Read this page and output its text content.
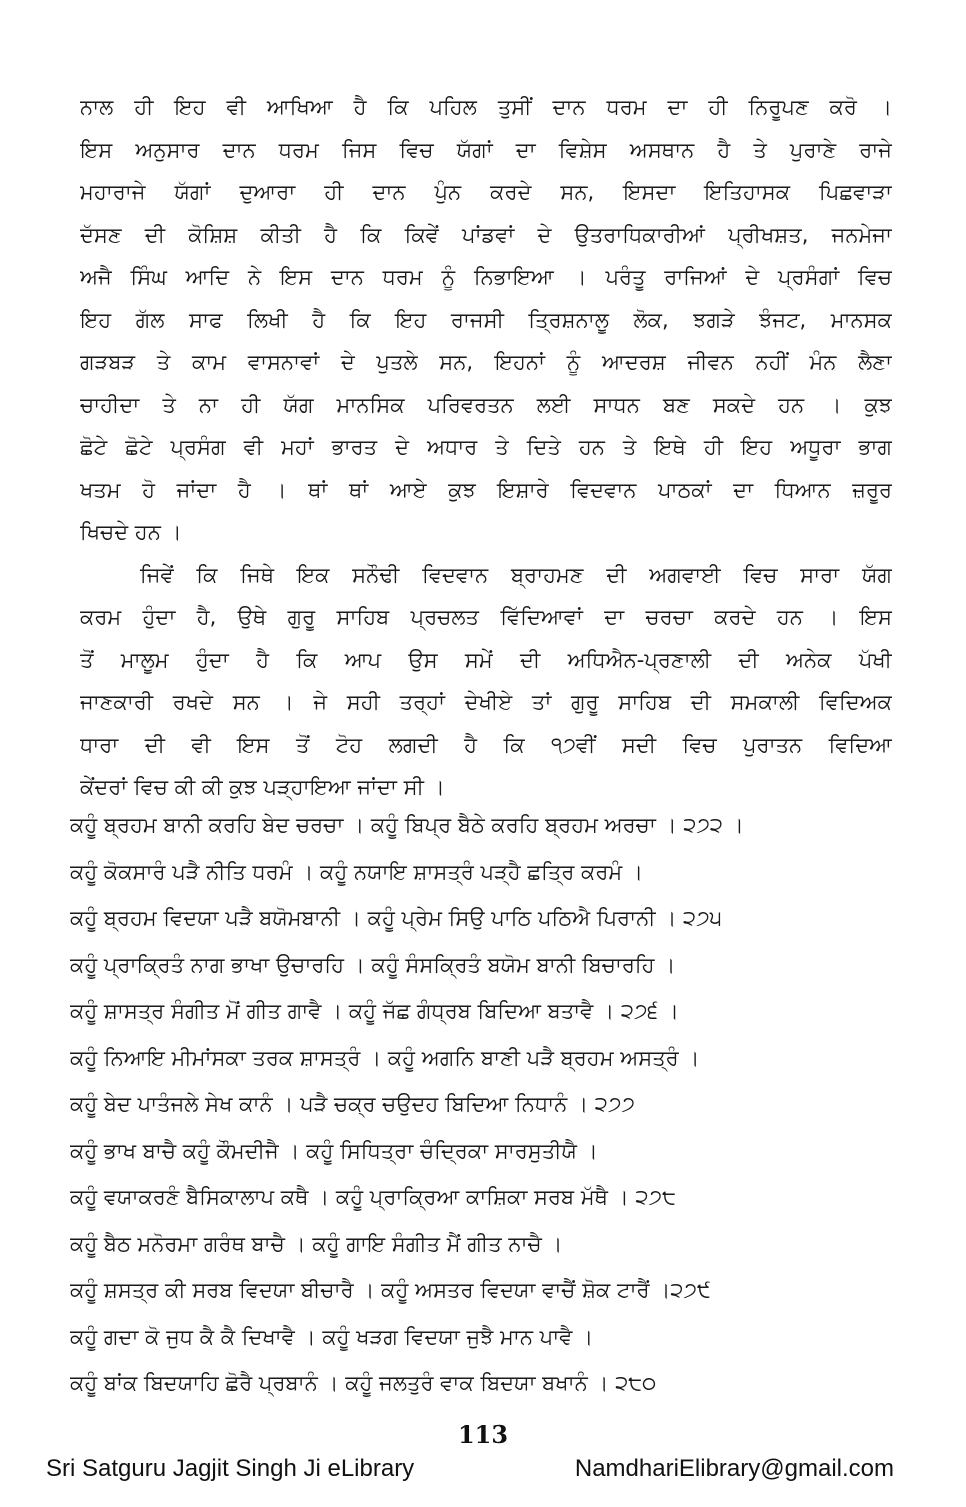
ਨਾਲ ਹੀ ਇਹ ਵੀ ਆਖਿਆ ਹੈ ਕਿ ਪਹਿਲ ਤੁਸੀਂ ਦਾਨ ਧਰਮ ਦਾ ਹੀ ਨਿਰੂਪਣ ਕਰੋ ।
ਇਸ ਅਨੁਸਾਰ ਦਾਨ ਧਰਮ ਜਿਸ ਵਿਚ ਯੱਗਾਂ ਦਾ ਵਿਸ਼ੇਸ ਅਸਥਾਨ ਹੈ ਤੇ ਪੁਰਾਣੇ ਰਾਜੇ
ਮਹਾਰਾਜੇ ਯੱਗਾਂ ਦੁਆਰਾ ਹੀ ਦਾਨ ਪੁੰਨ ਕਰਦੇ ਸਨ, ਇਸਦਾ ਇਤਿਹਾਸਕ ਪਿਛਵਾੜਾ
ਦੱਸਣ ਦੀ ਕੋਸ਼ਿਸ਼ ਕੀਤੀ ਹੈ ਕਿ ਕਿਵੇਂ ਪਾਂਡਵਾਂ ਦੇ ਉਤਰਾਧਿਕਾਰੀਆਂ ਪ੍ਰੀਖਸ਼ਤ, ਜਨਮੇਜਾ
ਅਜੈ ਸਿੰਘ ਆਦਿ ਨੇ ਇਸ ਦਾਨ ਧਰਮ ਨੂੰ ਨਿਭਾਇਆ । ਪਰੰਤੂ ਰਾਜਿਆਂ ਦੇ ਪ੍ਰਸੰਗਾਂ ਵਿਚ
ਇਹ ਗੱਲ ਸਾਫ ਲਿਖੀ ਹੈ ਕਿ ਇਹ ਰਾਜਸੀ ਤ੍ਰਿਸ਼ਨਾਲੂ ਲੋਕ, ਝਗੜੇ ਝੰਜਟ, ਮਾਨਸਕ
ਗੜਬੜ ਤੇ ਕਾਮ ਵਾਸਨਾਵਾਂ ਦੇ ਪੁਤਲੇ ਸਨ, ਇਹਨਾਂ ਨੂੰ ਆਦਰਸ਼ ਜੀਵਨ ਨਹੀਂ ਮੰਨ ਲੈਣਾ
ਚਾਹੀਦਾ ਤੇ ਨਾ ਹੀ ਯੱਗ ਮਾਨਸਿਕ ਪਰਿਵਰਤਨ ਲਈ ਸਾਧਨ ਬਣ ਸਕਦੇ ਹਨ । ਕੁਝ
ਛੋਟੇ ਛੋਟੇ ਪ੍ਰਸੰਗ ਵੀ ਮਹਾਂ ਭਾਰਤ ਦੇ ਅਧਾਰ ਤੇ ਦਿਤੇ ਹਨ ਤੇ ਇਥੇ ਹੀ ਇਹ ਅਧੂਰਾ ਭਾਗ
ਖਤਮ ਹੋ ਜਾਂਦਾ ਹੈ । ਥਾਂ ਥਾਂ ਆਏ ਕੁਝ ਇਸ਼ਾਰੇ ਵਿਦਵਾਨ ਪਾਠਕਾਂ ਦਾ ਧਿਆਨ ਜ਼ਰੂਰ
ਖਿਚਦੇ ਹਨ ।
ਜਿਵੇਂ ਕਿ ਜਿਥੇ ਇਕ ਸਨੌਢੀ ਵਿਦਵਾਨ ਬ੍ਰਾਹਮਣ ਦੀ ਅਗਵਾਈ ਵਿਚ ਸਾਰਾ ਯੱਗ
ਕਰਮ ਹੁੰਦਾ ਹੈ, ਉਥੇ ਗੁਰੂ ਸਾਹਿਬ ਪ੍ਰਚਲਤ ਵਿੱਦਿਆਵਾਂ ਦਾ ਚਰਚਾ ਕਰਦੇ ਹਨ । ਇਸ
ਤੋਂ ਮਾਲੂਮ ਹੁੰਦਾ ਹੈ ਕਿ ਆਪ ਉਸ ਸਮੇਂ ਦੀ ਅਧਿਐਨ-ਪ੍ਰਣਾਲੀ ਦੀ ਅਨੇਕ ਪੱਖੀ
ਜਾਣਕਾਰੀ ਰਖਦੇ ਸਨ । ਜੇ ਸਹੀ ਤਰ੍ਹਾਂ ਦੇਖੀਏ ਤਾਂ ਗੁਰੂ ਸਾਹਿਬ ਦੀ ਸਮਕਾਲੀ ਵਿਦਿਅਕ
ਧਾਰਾ ਦੀ ਵੀ ਇਸ ਤੋਂ ਟੋਹ ਲਗਦੀ ਹੈ ਕਿ ੧੭ਵੀਂ ਸਦੀ ਵਿਚ ਪੁਰਾਤਨ ਵਿਦਿਆ
ਕੇਂਦਰਾਂ ਵਿਚ ਕੀ ਕੀ ਕੁਝ ਪੜ੍ਹਾਇਆ ਜਾਂਦਾ ਸੀ ।
ਕਹੂੰ ਬ੍ਰਹਮ ਬਾਨੀ ਕਰਹਿ ਬੇਦ ਚਰਚਾ । ਕਹੂੰ ਬਿਪ੍ਰ ਬੈਠੇ ਕਰਹਿ ਬ੍ਰਹਮ ਅਰਚਾ । ੨੭੨ ।
ਕਹੂੰ ਕੋਕਸਾਰੰ ਪੜੈ ਨੀਤਿ ਧਰਮੰ । ਕਹੂੰ ਨਯਾਇ ਸ਼ਾਸਤ੍ਰੰ ਪੜ੍ਹੈ ਛਤ੍ਰਿ ਕਰਮੰ ।
ਕਹੂੰ ਬ੍ਰਹਮ ਵਿਦਯਾ ਪੜੈ ਬਯੋਮਬਾਨੀ । ਕਹੂੰ ਪ੍ਰੇਮ ਸਿਉ ਪਾਠਿ ਪਠਿਐ ਪਿਰਾਨੀ । ੨੭੫
ਕਹੂੰ ਪ੍ਰਾਕ੍ਰਿਤੰ ਨਾਗ ਭਾਖਾ ਉਚਾਰਹਿ । ਕਹੂੰ ਸੰਸਕ੍ਰਿਤੰ ਬਯੋਮ ਬਾਨੀ ਬਿਚਾਰਹਿ ।
ਕਹੂੰ ਸ਼ਾਸਤ੍ਰ ਸੰਗੀਤ ਮੋਂ ਗੀਤ ਗਾਵੈ । ਕਹੂੰ ਜੱਛ ਗੰਧ੍ਰਬ ਬਿਦਿਆ ਬਤਾਵੈ । ੨੭੬ ।
ਕਹੂੰ ਨਿਆਇ ਮੀਮਾਂਸਕਾ ਤਰਕ ਸ਼ਾਸਤ੍ਰੰ । ਕਹੂੰ ਅਗਨਿ ਬਾਣੀ ਪੜੈ ਬ੍ਰਹਮ ਅਸਤ੍ਰੰ ।
ਕਹੂੰ ਬੇਦ ਪਾਤੰਜਲੇ ਸੇਖ ਕਾਨੰ । ਪੜੈ ਚਕ੍ਰ ਚਉਦਹ ਬਿਦਿਆ ਨਿਧਾਨੰ । ੨੭੭
ਕਹੂੰ ਭਾਖ ਬਾਚੈ ਕਹੂੰ ਕੌਮਦੀਜੈ । ਕਹੂੰ ਸਿਧਿਤ੍ਰਾ ਚੰਦ੍ਰਿਕਾ ਸਾਰਸੁਤੀਯੈ ।
ਕਹੂੰ ਵਯਾਕਰਣੰ ਬੈਸਿਕਾਲਾਪ ਕਥੈ । ਕਹੂੰ ਪ੍ਰਾਕ੍ਰਿਆ ਕਾਸ਼ਿਕਾ ਸਰਬ ਮੱਥੈ । ੨੭੮
ਕਹੂੰ ਬੈਠ ਮਨੋਰਮਾ ਗਰੰਥ ਬਾਚੈ । ਕਹੂੰ ਗਾਇ ਸੰਗੀਤ ਮੈਂ ਗੀਤ ਨਾਚੈ ।
ਕਹੂੰ ਸ਼ਸਤ੍ਰ ਕੀ ਸਰਬ ਵਿਦਯਾ ਬੀਚਾਰੈ । ਕਹੂੰ ਅਸਤਰ ਵਿਦਯਾ ਵਾਚੈਂ ਸ਼ੋਕ ਟਾਰੈਂ ।੨੭੯
ਕਹੂੰ ਗਦਾ ਕੋ ਜੁਧ ਕੈ ਕੈ ਦਿਖਾਵੈ । ਕਹੂੰ ਖੜਗ ਵਿਦਯਾ ਜੁਝੈ ਮਾਨ ਪਾਵੈ ।
ਕਹੂੰ ਬਾਂਕ ਬਿਦਯਾਹਿ ਛੋਰੈ ਪ੍ਰਬਾਨੰ । ਕਹੂੰ ਜਲਤੁਰੰ ਵਾਕ ਬਿਦਯਾ ਬਖਾਨੰ । ੨੮੦
113
Sri Satguru Jagjit Singh Ji eLibrary	NamdhariElibrary@gmail.com
